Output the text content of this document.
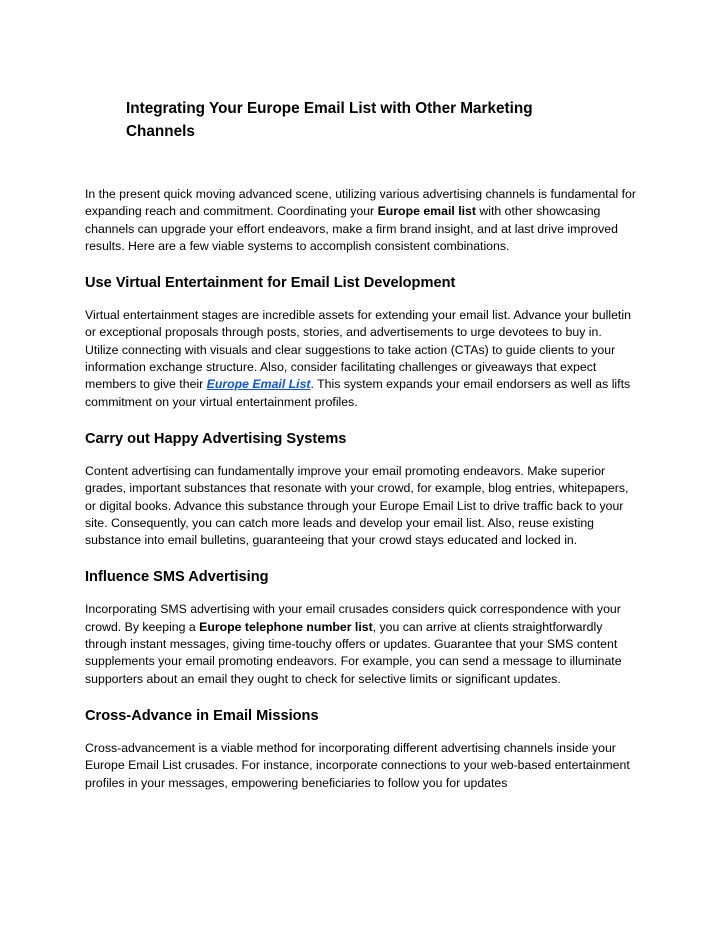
Integrating Your Europe Email List with Other Marketing Channels

In the present quick moving advanced scene, utilizing various advertising channels is fundamental for expanding reach and commitment. Coordinating your Europe email list with other showcasing channels can upgrade your effort endeavors, make a firm brand insight, and at last drive improved results. Here are a few viable systems to accomplish consistent combinations.

Use Virtual Entertainment for Email List Development

Virtual entertainment stages are incredible assets for extending your email list. Advance your bulletin or exceptional proposals through posts, stories, and advertisements to urge devotees to buy in. Utilize connecting with visuals and clear suggestions to take action (CTAs) to guide clients to your information exchange structure. Also, consider facilitating challenges or giveaways that expect members to give their Europe Email List. This system expands your email endorsers as well as lifts commitment on your virtual entertainment profiles.

Carry out Happy Advertising Systems

Content advertising can fundamentally improve your email promoting endeavors. Make superior grades, important substances that resonate with your crowd, for example, blog entries, whitepapers, or digital books. Advance this substance through your Europe Email List to drive traffic back to your site. Consequently, you can catch more leads and develop your email list. Also, reuse existing substance into email bulletins, guaranteeing that your crowd stays educated and locked in.

Influence SMS Advertising

Incorporating SMS advertising with your email crusades considers quick correspondence with your crowd. By keeping a Europe telephone number list, you can arrive at clients straightforwardly through instant messages, giving time-touchy offers or updates. Guarantee that your SMS content supplements your email promoting endeavors. For example, you can send a message to illuminate supporters about an email they ought to check for selective limits or significant updates.

Cross-Advance in Email Missions

Cross-advancement is a viable method for incorporating different advertising channels inside your Europe Email List crusades. For instance, incorporate connections to your web-based entertainment profiles in your messages, empowering beneficiaries to follow you for updates
